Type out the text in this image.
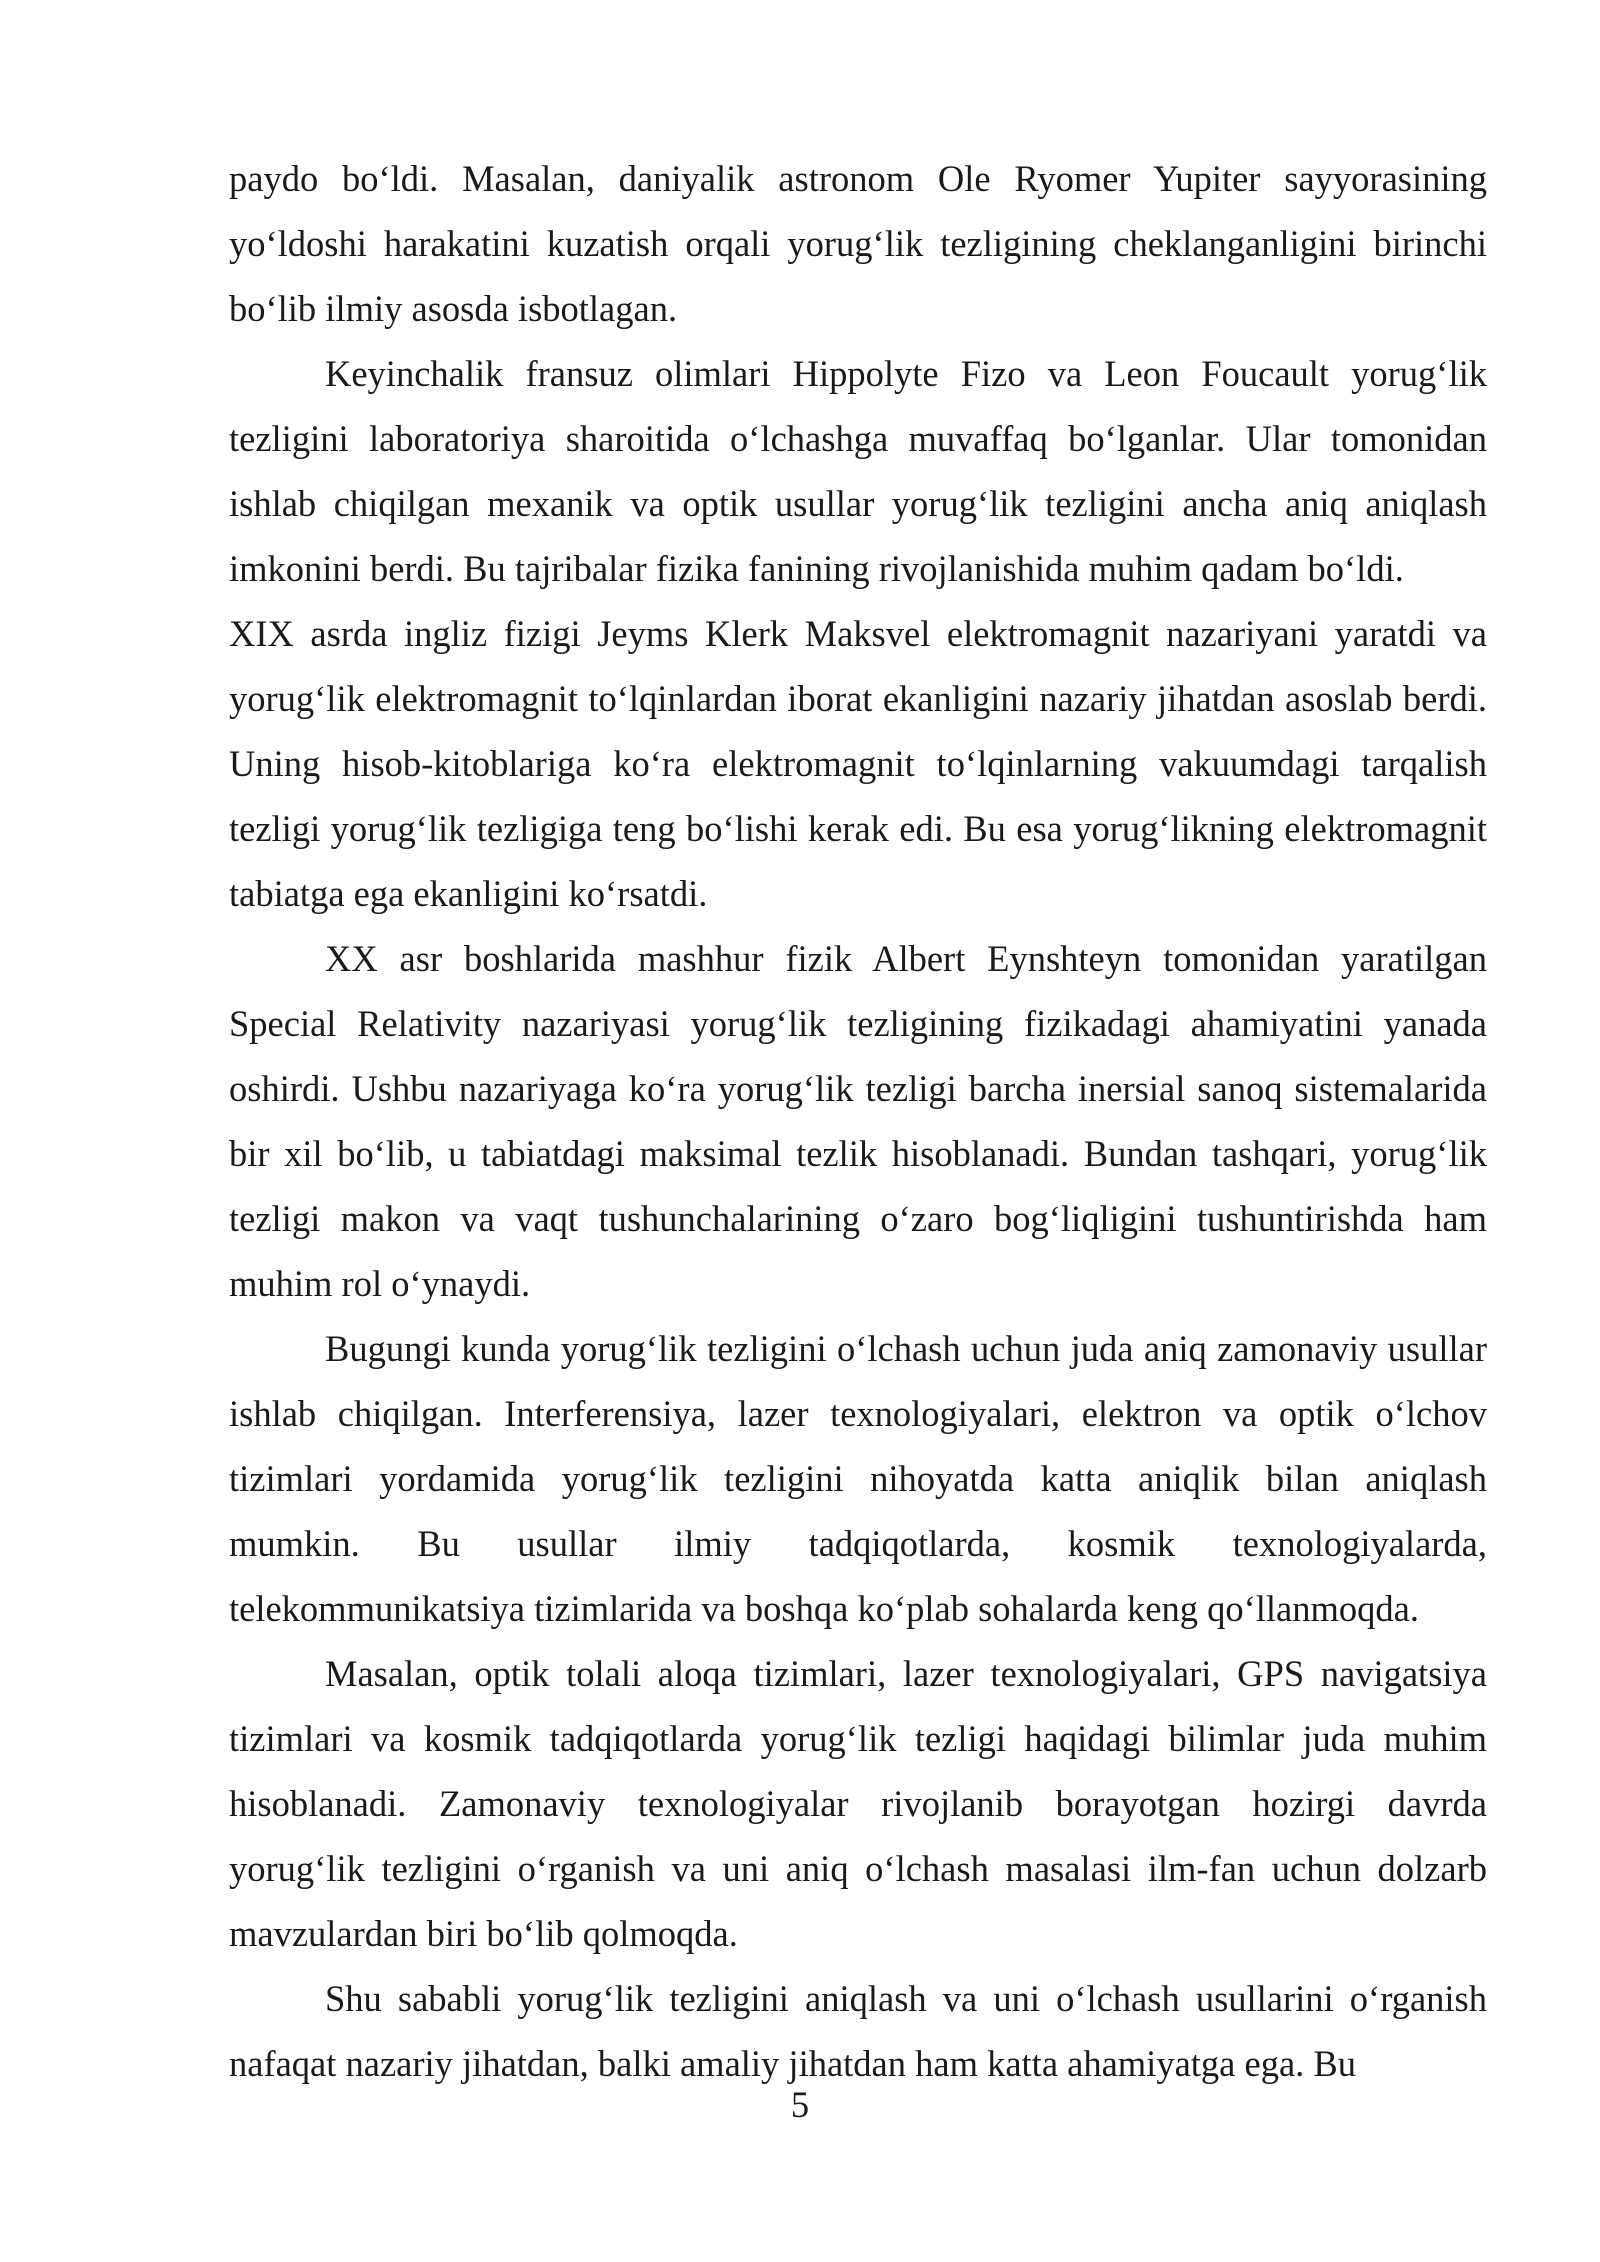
paydo bo‘ldi. Masalan, daniyalik astronom Ole Ryomer Yupiter sayyorasining yo‘ldoshi harakatini kuzatish orqali yorug‘lik tezligining cheklanganligini birinchi bo‘lib ilmiy asosda isbotlagan.

Keyinchalik fransuz olimlari Hippolyte Fizo va Leon Foucault yorug‘lik tezligini laboratoriya sharoitida o‘lchashga muvaffaq bo‘lganlar. Ular tomonidan ishlab chiqilgan mexanik va optik usullar yorug‘lik tezligini ancha aniq aniqlash imkonini berdi. Bu tajribalar fizika fanining rivojlanishida muhim qadam bo‘ldi.

XIX asrda ingliz fizigi Jeyms Klerk Maksvel elektromagnit nazariyani yaratdi va yorug‘lik elektromagnit to‘lqinlardan iborat ekanligini nazariy jihatdan asoslab berdi. Uning hisob-kitoblariga ko‘ra elektromagnit to‘lqinlarning vakuumdagi tarqalish tezligi yorug‘lik tezligiga teng bo‘lishi kerak edi. Bu esa yorug‘likning elektromagnit tabiatga ega ekanligini ko‘rsatdi.

XX asr boshlarida mashhur fizik Albert Eynshteyn tomonidan yaratilgan Special Relativity nazariyasi yorug‘lik tezligining fizikadagi ahamiyatini yanada oshirdi. Ushbu nazariyaga ko‘ra yorug‘lik tezligi barcha inersial sanoq sistemalarida bir xil bo‘lib, u tabiatdagi maksimal tezlik hisoblanadi. Bundan tashqari, yorug‘lik tezligi makon va vaqt tushunchalarining o‘zaro bog‘liqligini tushuntirishda ham muhim rol o‘ynaydi.

Bugungi kunda yorug‘lik tezligini o‘lchash uchun juda aniq zamonaviy usullar ishlab chiqilgan. Interferensiya, lazer texnologiyalari, elektron va optik o‘lchov tizimlari yordamida yorug‘lik tezligini nihoyatda katta aniqlik bilan aniqlash mumkin. Bu usullar ilmiy tadqiqotlarda, kosmik texnologiyalarda, telekommunikatsiya tizimlarida va boshqa ko‘plab sohalarda keng qo‘llanmoqda.

Masalan, optik tolali aloqa tizimlari, lazer texnologiyalari, GPS navigatsiya tizimlari va kosmik tadqiqotlarda yorug‘lik tezligi haqidagi bilimlar juda muhim hisoblanadi. Zamonaviy texnologiyalar rivojlanib borayotgan hozirgi davrda yorug‘lik tezligini o‘rganish va uni aniq o‘lchash masalasi ilm-fan uchun dolzarb mavzulardan biri bo‘lib qolmoqda.

Shu sababli yorug‘lik tezligini aniqlash va uni o‘lchash usullarini o‘rganish nafaqat nazariy jihatdan, balki amaliy jihatdan ham katta ahamiyatga ega. Bu

5
